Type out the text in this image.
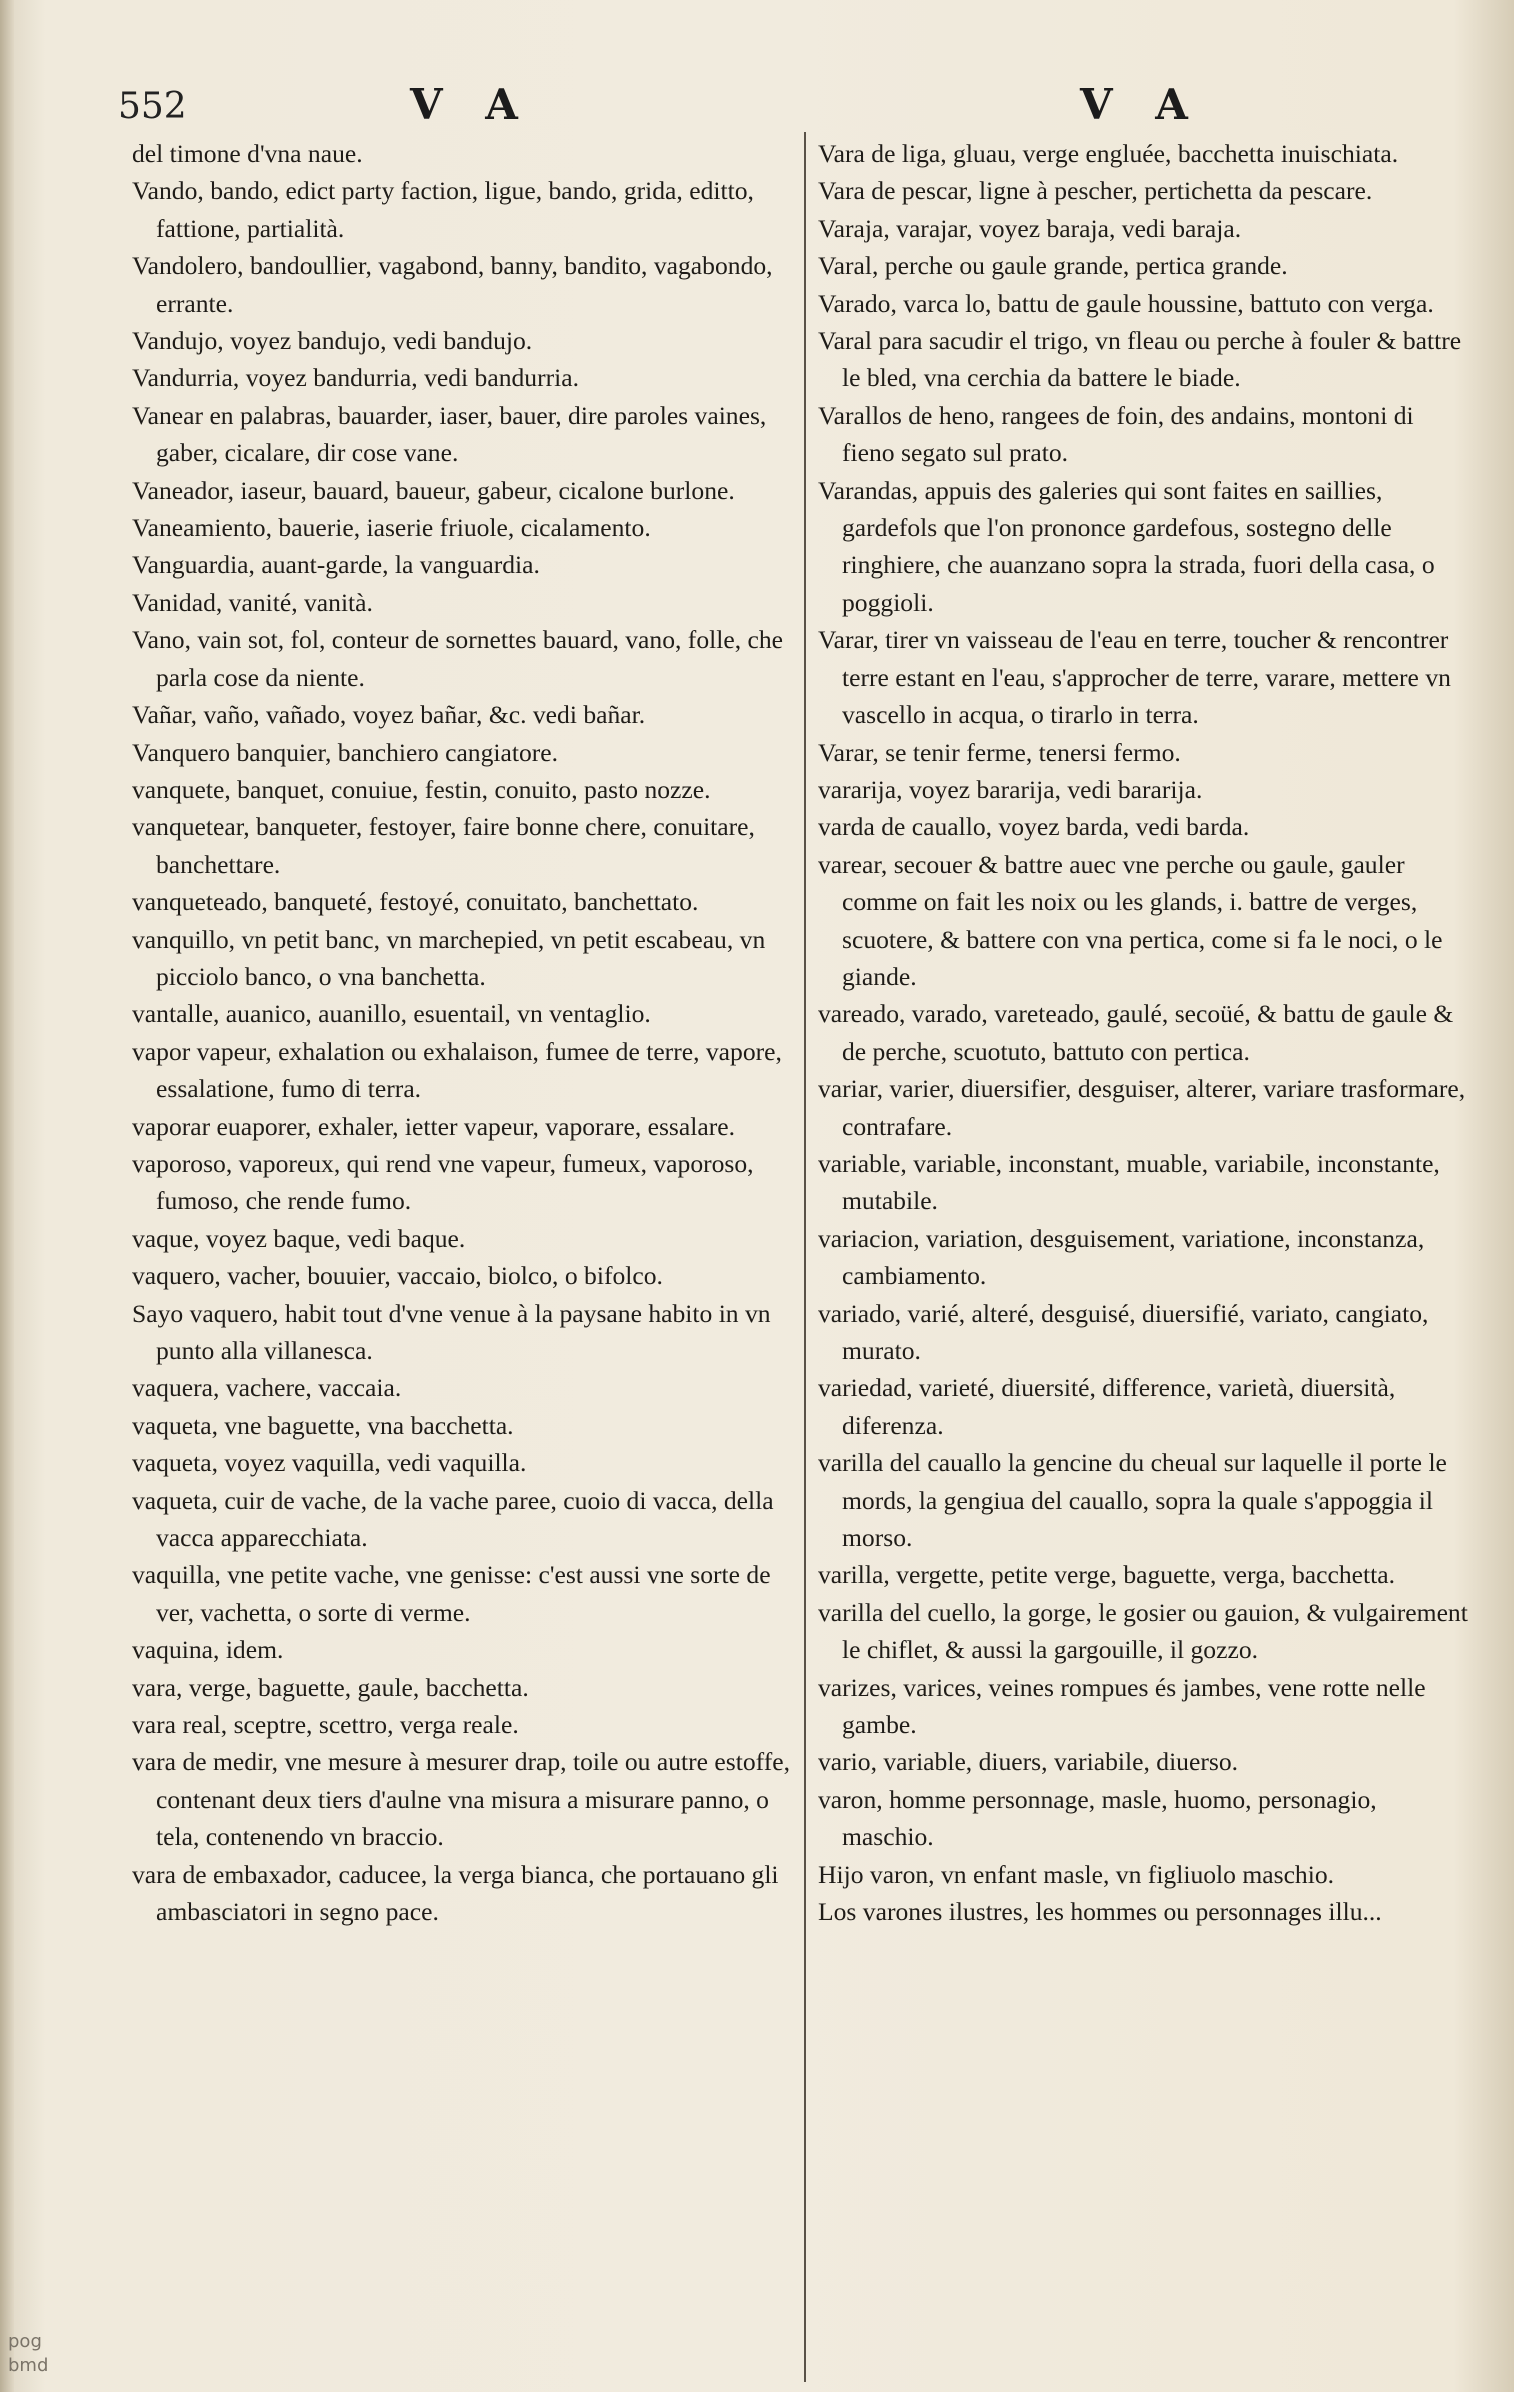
552	V A	V A
del timone d'vna naue.
Vando, bando, edict party faction, ligue, bando, grida, editto, fattione, partialità.
Vandolero, bandoullier, vagabond, banny, bandito, vagabondo, errante.
Vandujo, voyez bandujo, vedi bandujo.
Vandurria, voyez bandurria, vedi bandurria.
Vanear en palabras, bauarder, iaser, bauer, dire paroles vaines, gaber, cicalare, dir cose vane.
Vaneador, iaseur, bauard, baueur, gabeur, cicalone burlone.
Vaneamiento, bauerie, iaserie friuole, cicalamento.
Vanguardia, auant-garde, la vanguardia.
Vanidad, vanité, vanità.
Vano, vain sot, fol, conteur de sornettes bauard, vano, folle, che parla cose da niente.
Vañar, vaño, vañado, voyez bañar, &c. vedi bañar.
Vanquero banquier, banchiero cangiatore.
vanquete, banquet, conuiue, festin, conuito, pasto nozze.
vanquetear, banqueter, festoyer, faire bonne chere, conuitare, banchettare.
vanqueteado, banqueté, festoyé, conuitato, banchettato.
vanquillo, vn petit banc, vn marchepied, vn petit escabeau, vn picciolo banco, o vna banchetta.
vantalle, auanico, auanillo, esuentail, vn ventaglio.
vapor vapeur, exhalation ou exhalaison, fumee de terre, vapore, essalatione, fumo di terra.
vaporar euaporer, exhaler, ietter vapeur, vaporare, essalare.
vaporoso, vaporeux, qui rend vne vapeur, fumeux, vaporoso, fumoso, che rende fumo.
vaque, voyez baque, vedi baque.
vaquero, vacher, bouuier, vaccaio, biolco, o bifolco.
Sayo vaquero, habit tout d'vne venue à la paysane habito in vn punto alla villanesca.
vaquera, vachere, vaccaia.
vaqueta, vne baguette, vna bacchetta.
vaqueta, voyez vaquilla, vedi vaquilla.
vaqueta, cuir de vache, de la vache paree, cuoio di vacca, della vacca apparecchiata.
vaquilla, vne petite vache, vne genisse: c'est aussi vne sorte de ver, vachetta, o sorte di verme.
vaquina, idem.
vara, verge, baguette, gaule, bacchetta.
vara real, sceptre, scettro, verga reale.
vara de medir, vne mesure à mesurer drap, toile ou autre estoffe, contenant deux tiers d'aulne vna misura a misurare panno, o tela, contenendo vn braccio.
vara de embaxador, caducee, la verga bianca, che portauano gli ambasciatori in segno pace.
Vara de liga, gluau, verge engluée, bacchetta inuischiata.
Vara de pescar, ligne à pescher, pertichetta da pescare.
Varaja, varajar, voyez baraja, vedi baraja.
Varal, perche ou gaule grande, pertica grande.
Varado, varca lo, battu de gaule houssine, battuto con verga.
Varal para sacudir el trigo, vn fleau ou perche à fouler & battre le bled, vna cerchia da battere le biade.
Varallos de heno, rangees de foin, des andains, montoni di fieno segato sul prato.
Varandas, appuis des galeries qui sont faites en saillies, gardefols que l'on prononce gardefous, sostegno delle ringhiere, che auanzano sopra la strada, fuori della casa, o poggioli.
Varar, tirer vn vaisseau de l'eau en terre, toucher & rencontrer terre estant en l'eau, s'approcher de terre, varare, mettere vn vascello in acqua, o tirarlo in terra.
Varar, se tenir ferme, tenersi fermo.
vararija, voyez bararija, vedi bararija.
varda de cauallo, voyez barda, vedi barda.
varear, secouer & battre auec vne perche ou gaule, gauler comme on fait les noix ou les glands, i. battre de verges, scuotere, & battere con vna pertica, come si fa le noci, o le giande.
vareado, varado, vareteado, gaulé, secoüé, & battu de gaule & de perche, scuotuto, battuto con pertica.
variar, varier, diuersifier, desguiser, alterer, variare trasformare, contrafare.
variable, variable, inconstant, muable, variabile, inconstante, mutabile.
variacion, variation, desguisement, variatione, inconstanza, cambiamento.
variado, varié, alteré, desguisé, diuersifié, variato, cangiato, murato.
variedad, varieté, diuersité, difference, varietà, diuersità, diferenza.
varilla del cauallo la gencine du cheual sur laquelle il porte le mords, la gengiua del cauallo, sopra la quale s'appoggia il morso.
varilla, vergette, petite verge, baguette, verga, bacchetta.
varilla del cuello, la gorge, le gosier ou gauion, & vulgairement le chiflet, & aussi la gargouille, il gozzo.
varizes, varices, veines rompues és jambes, vene rotte nelle gambe.
vario, variable, diuers, variabile, diuerso.
varon, homme personnage, masle, huomo, personagio, maschio.
Hijo varon, vn enfant masle, vn figliuolo maschio.
Los varones ilustres, les hommes ou personnages illu...
pog
bmd
